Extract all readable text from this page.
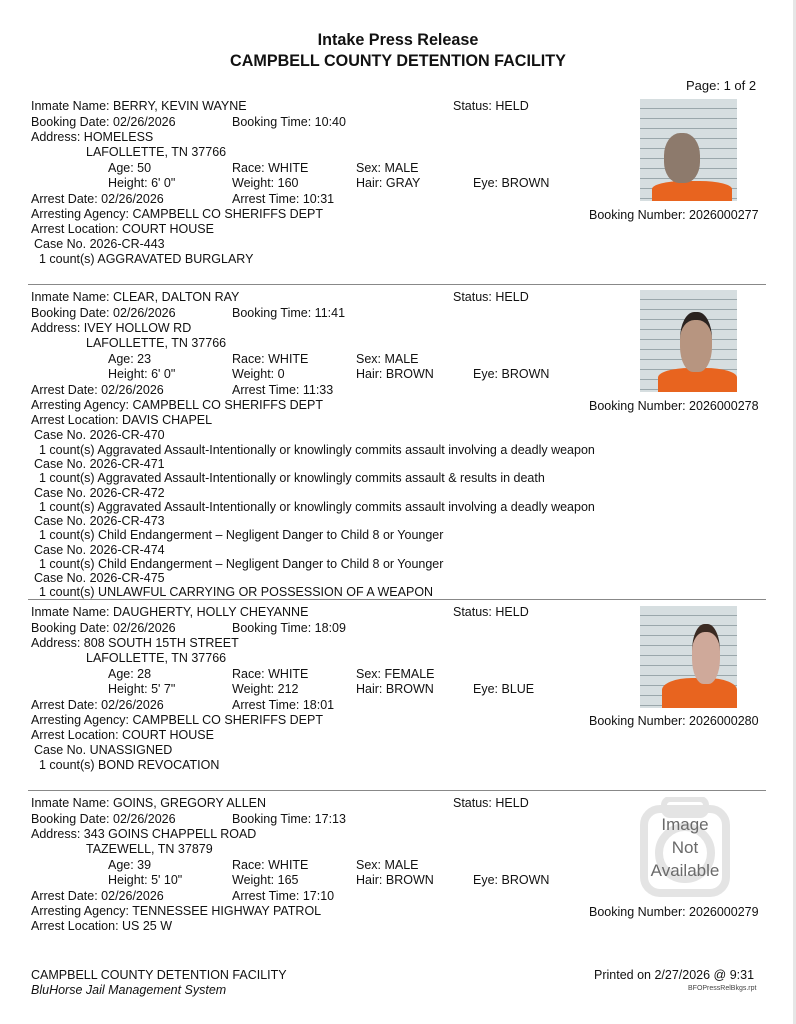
Intake Press Release
CAMPBELL COUNTY DETENTION FACILITY
Page: 1 of 2
Inmate Name: BERRY, KEVIN WAYNE	Status: HELD
Booking Date: 02/26/2026	Booking Time: 10:40
Address: HOMELESS
LAFOLLETTE, TN 37766
Age: 50	Race: WHITE	Sex: MALE
Height: 6' 0"	Weight: 160	Hair: GRAY	Eye: BROWN
Arrest Date: 02/26/2026	Arrest Time: 10:31
Arresting Agency: CAMPBELL CO SHERIFFS DEPT
Arrest Location: COURT HOUSE
Case No. 2026-CR-443
1 count(s) AGGRAVATED BURGLARY
Booking Number: 2026000277
Inmate Name: CLEAR, DALTON RAY	Status: HELD
Booking Date: 02/26/2026	Booking Time: 11:41
Address: IVEY HOLLOW RD
LAFOLLETTE, TN 37766
Age: 23	Race: WHITE	Sex: MALE
Height: 6' 0"	Weight: 0	Hair: BROWN	Eye: BROWN
Arrest Date: 02/26/2026	Arrest Time: 11:33
Arresting Agency: CAMPBELL CO SHERIFFS DEPT
Arrest Location: DAVIS CHAPEL
Case No. 2026-CR-470
1 count(s) Aggravated Assault-Intentionally or knowlingly commits assault involving a deadly weapon
Case No. 2026-CR-471
1 count(s) Aggravated Assault-Intentionally or knowlingly commits assault & results in death
Case No. 2026-CR-472
1 count(s) Aggravated Assault-Intentionally or knowlingly commits assault involving a deadly weapon
Case No. 2026-CR-473
1 count(s) Child Endangerment – Negligent Danger to Child 8 or Younger
Case No. 2026-CR-474
1 count(s) Child Endangerment – Negligent Danger to Child 8 or Younger
Case No. 2026-CR-475
1 count(s) UNLAWFUL CARRYING OR POSSESSION OF A WEAPON
Booking Number: 2026000278
Inmate Name: DAUGHERTY, HOLLY CHEYANNE	Status: HELD
Booking Date: 02/26/2026	Booking Time: 18:09
Address: 808 SOUTH 15TH STREET
LAFOLLETTE, TN 37766
Age: 28	Race: WHITE	Sex: FEMALE
Height: 5' 7"	Weight: 212	Hair: BROWN	Eye: BLUE
Arrest Date: 02/26/2026	Arrest Time: 18:01
Arresting Agency: CAMPBELL CO SHERIFFS DEPT
Arrest Location: COURT HOUSE
Case No. UNASSIGNED
1 count(s) BOND REVOCATION
Booking Number: 2026000280
Inmate Name: GOINS, GREGORY ALLEN	Status: HELD
Booking Date: 02/26/2026	Booking Time: 17:13
Address: 343 GOINS CHAPPELL ROAD
TAZEWELL, TN 37879
Age: 39	Race: WHITE	Sex: MALE
Height: 5' 10"	Weight: 165	Hair: BROWN	Eye: BROWN
Arrest Date: 02/26/2026	Arrest Time: 17:10
Arresting Agency: TENNESSEE HIGHWAY PATROL
Arrest Location: US 25 W
Image
Not
Available
Booking Number: 2026000279
CAMPBELL COUNTY DETENTION FACILITY
BluHorse Jail Management System
Printed on 2/27/2026 @ 9:31
BFOPressRelBkgs.rpt
